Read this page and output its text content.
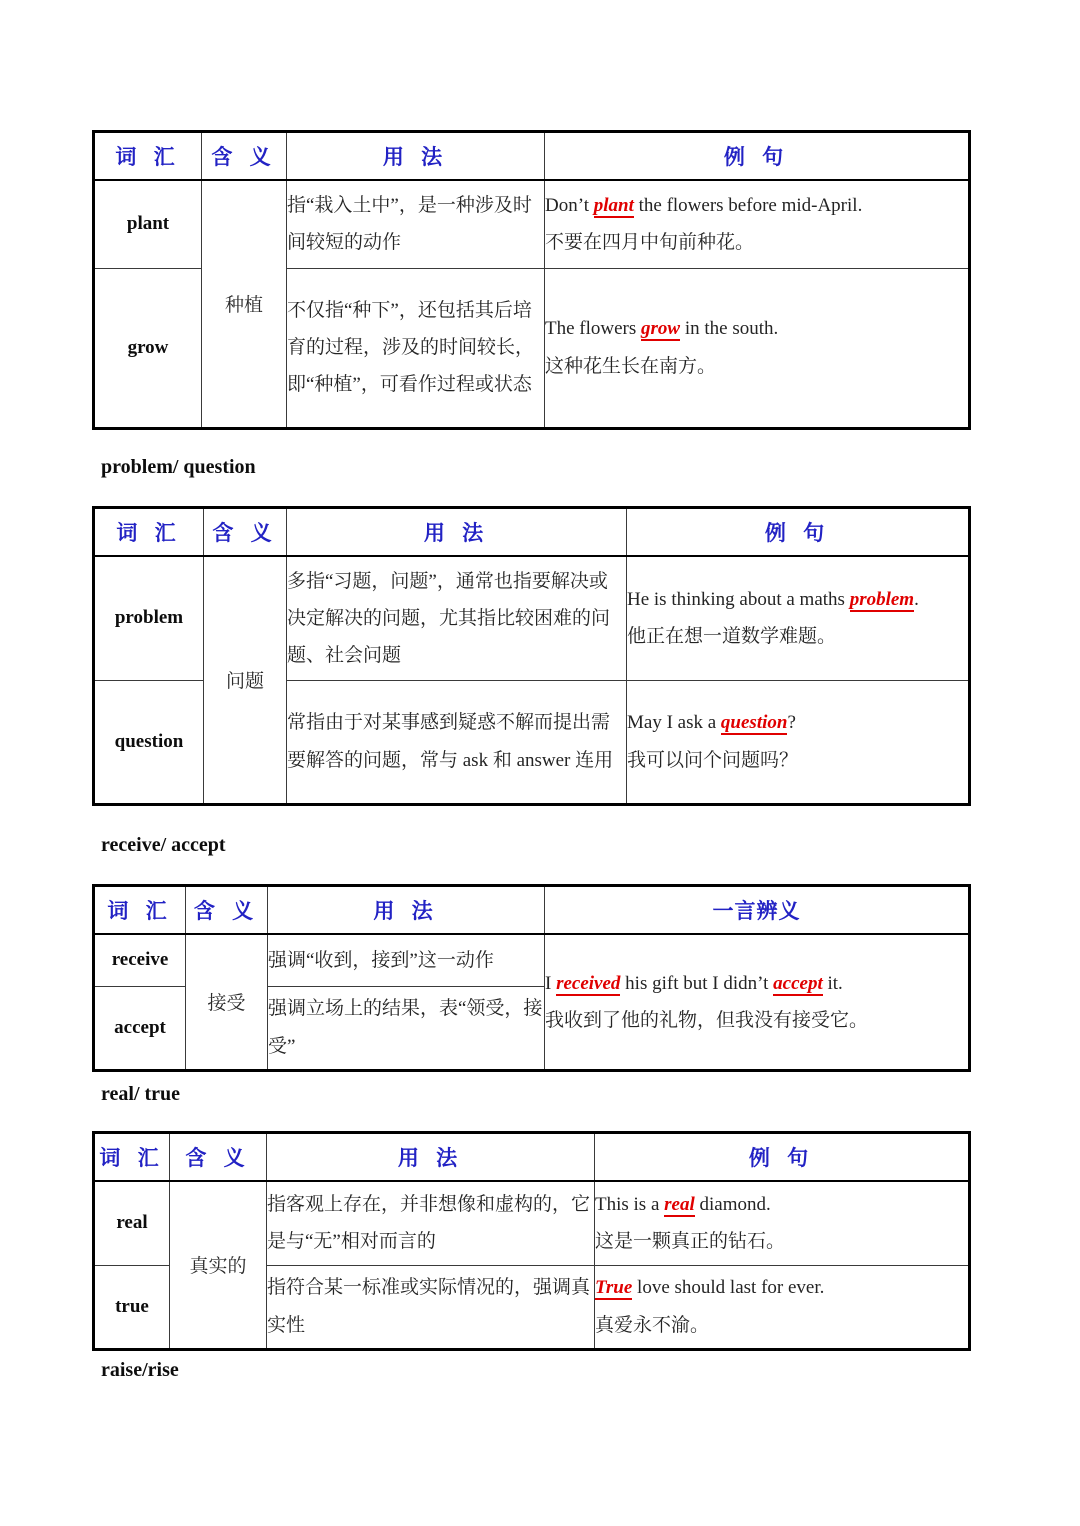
词 汇	含 义	用 法	例 句
plant	种植	指“栽入土中”，是一种涉及时间较短的动作	Don’t plant the flowers before mid-April.
不要在四月中旬前种花。
grow		不仅指“种下”，还包括其后培育的过程，涉及的时间较长，即“种植”，可看作过程或状态	The flowers grow in the south.
这种花生长在南方。
problem/ question
词 汇	含 义	用 法	例 句
problem	问题	多指“习题，问题”，通常也指要解决或决定解决的问题，尤其指比较困难的问题、社会问题	He is thinking about a maths problem.
他正在想一道数学难题。
question		常指由于对某事感到疑惑不解而提出需要解答的问题，常与 ask 和 answer 连用	May I ask a question?
我可以问个问题吗？
receive/ accept
词 汇	含 义	用 法	一言辨义
receive	接受	强调“收到，接到”这一动作	I received his gift but I didn’t accept it.
我收到了他的礼物，但我没有接受它。
accept		强调立场上的结果，表“领受，接受”	
real/ true
词 汇	含 义	用 法	例 句
real	真实的	指客观上存在，并非想像和虚构的，它是与“无”相对而言的	This is a real diamond.
这是一颗真正的钻石。
true		指符合某一标准或实际情况的，强调真实性	True love should last for ever.
真爱永不渝。
raise/rise
